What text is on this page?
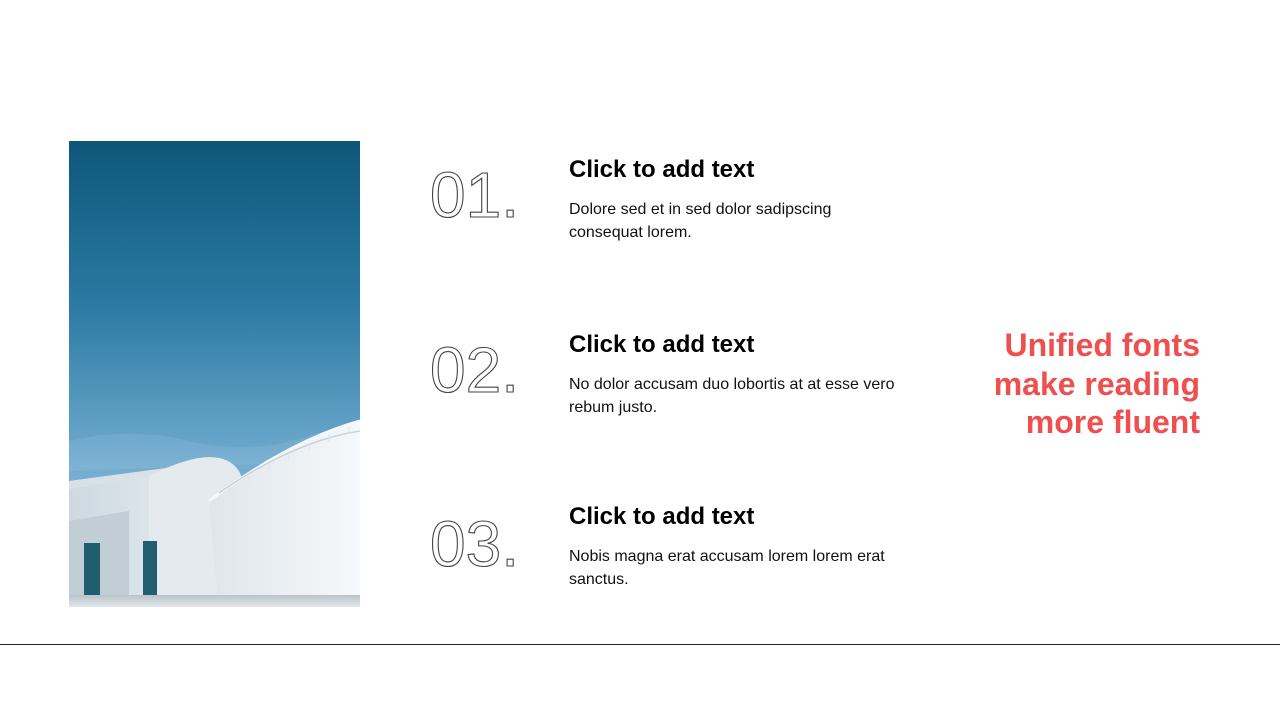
01. Click to add text
Dolore sed et in sed dolor sadipscing consequat lorem.
02. Click to add text
No dolor accusam duo lobortis at at esse vero rebum justo.
03. Click to add text
Nobis magna erat accusam lorem lorem erat sanctus.
Unified fonts
make reading
more fluent
